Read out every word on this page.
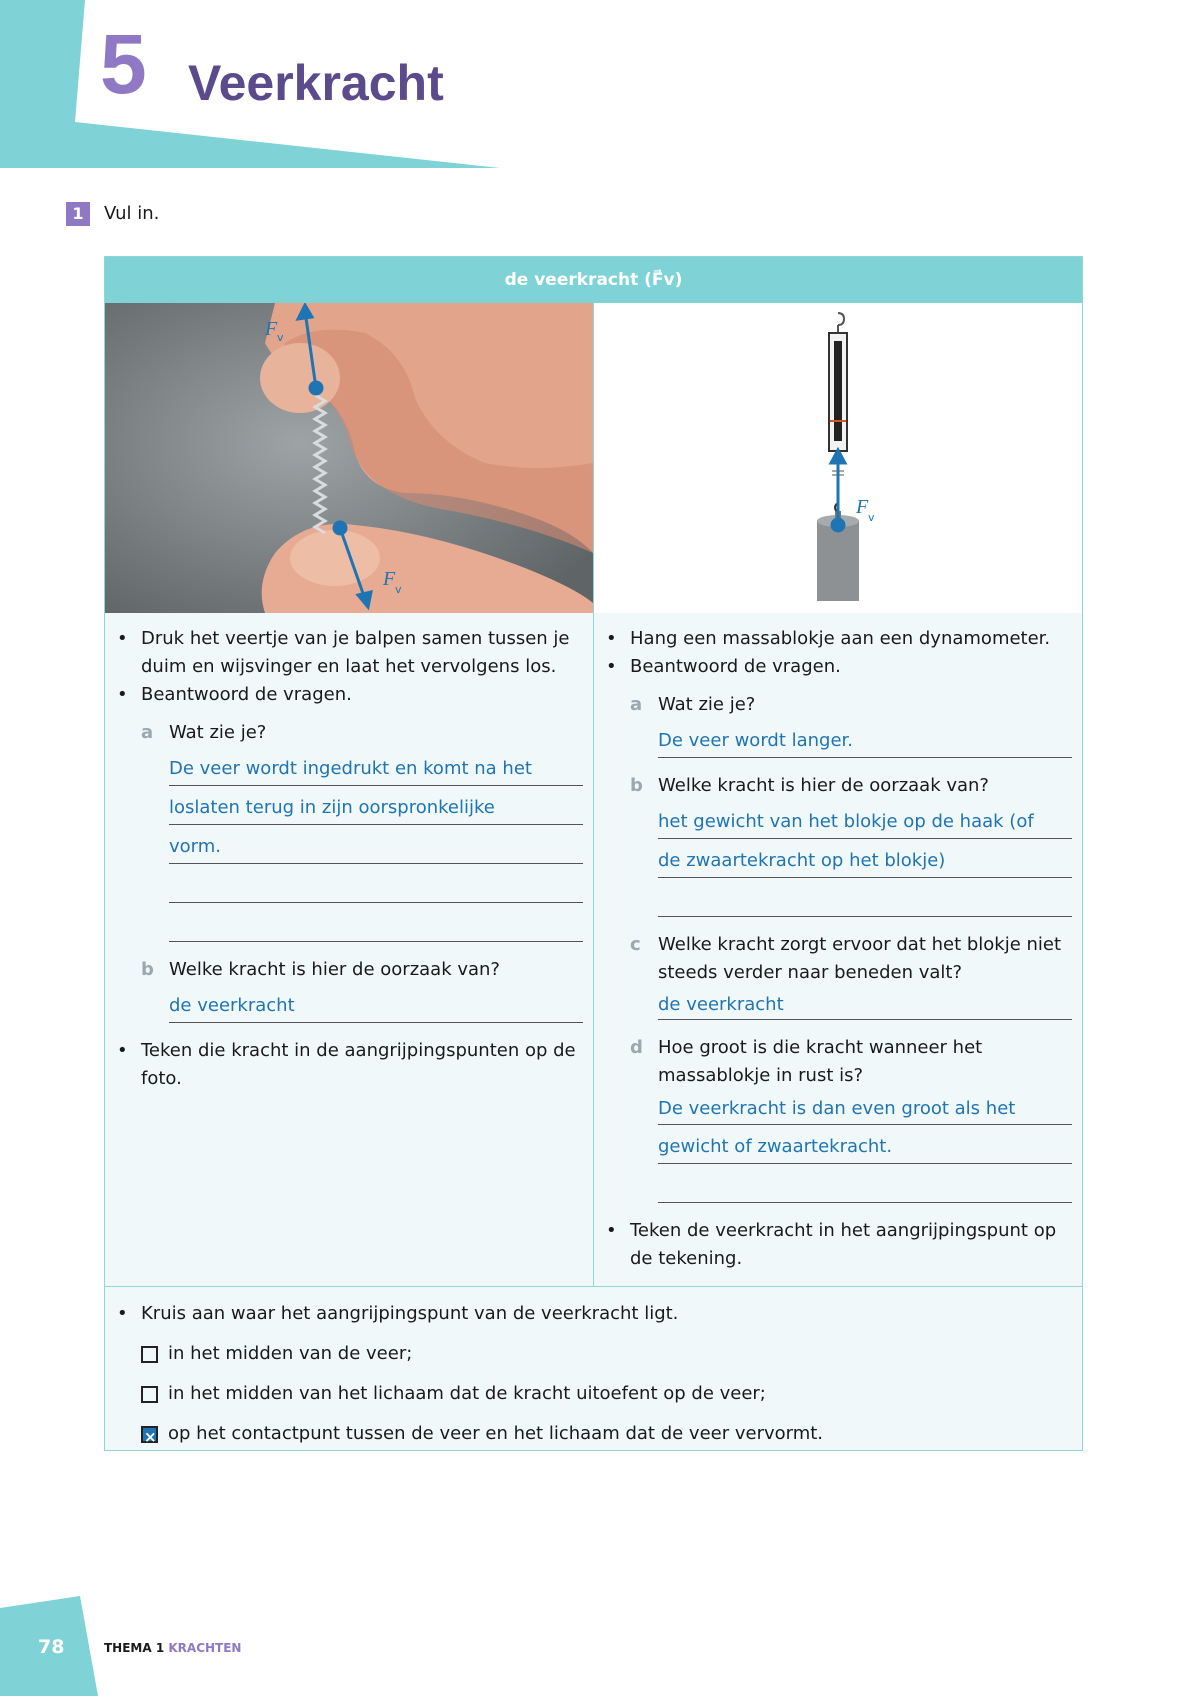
5 Veerkracht
1	Vul in.
de veerkracht (F⃗v)
F v
F v
F v
• Druk het veertje van je balpen samen tussen je duim en wijsvinger en laat het vervolgens los.
• Beantwoord de vragen.
a Wat zie je?
De veer wordt ingedrukt en komt na het
loslaten terug in zijn oorspronkelijke
vorm.
b Welke kracht is hier de oorzaak van?
de veerkracht
• Teken die kracht in de aangrijpingspunten op de foto.
• Hang een massablokje aan een dynamometer.
• Beantwoord de vragen.
a Wat zie je?
De veer wordt langer.
b Welke kracht is hier de oorzaak van?
het gewicht van het blokje op de haak (of
de zwaartekracht op het blokje)
c Welke kracht zorgt ervoor dat het blokje niet steeds verder naar beneden valt?
de veerkracht
d Hoe groot is die kracht wanneer het massablokje in rust is?
De veerkracht is dan even groot als het
gewicht of zwaartekracht.
• Teken de veerkracht in het aangrijpingspunt op de tekening.
• Kruis aan waar het aangrijpingspunt van de veerkracht ligt.
in het midden van de veer;
in het midden van het lichaam dat de kracht uitoefent op de veer;
×
op het contactpunt tussen de veer en het lichaam dat de veer vervormt.
78	THEMA 1 KRACHTEN
